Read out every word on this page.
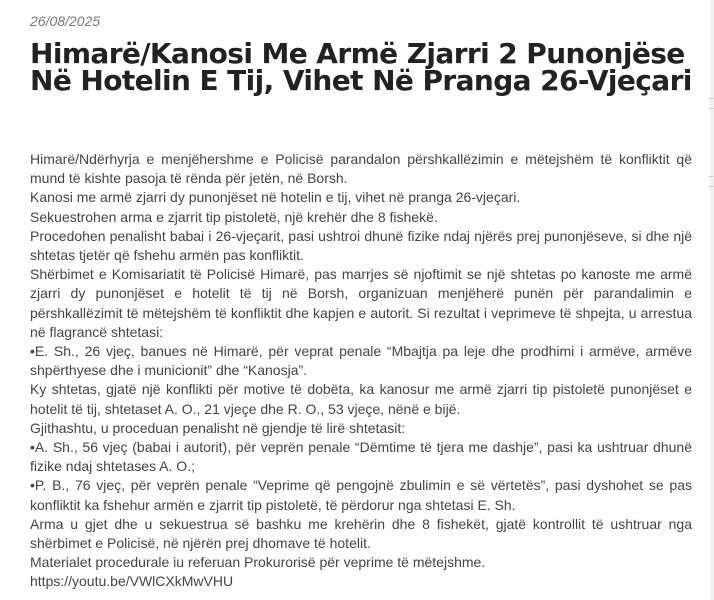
26/08/2025
Himarë/Kanosi Me Armë Zjarri 2 Punonjëse Në Hotelin E Tij, Vihet Në Pranga 26-Vjeçari

Himarë/Ndërhyrja e menjëhershme e Policisë parandalon përshkallëzimin e mëtejshëm të konfliktit që mund të kishte pasoja të rënda për jetën, në Borsh.

Kanosi me armë zjarri dy punonjëset në hotelin e tij, vihet në pranga 26-vjeçari.

Sekuestrohen arma e zjarrit tip pistoletë, një krehër dhe 8 fishekë.

Procedohen penalisht babai i 26-vjeçarit, pasi ushtroi dhunë fizike ndaj njërës prej punonjëseve, si dhe një shtetas tjetër që fshehu armën pas konfliktit.

Shërbimet e Komisariatit të Policisë Himarë, pas marrjes së njoftimit se një shtetas po kanoste me armë zjarri dy punonjëset e hotelit të tij në Borsh, organizuan menjëherë punën për parandalimin e përshkallëzimit të mëtejshëm të konfliktit dhe kapjen e autorit. Si rezultat i veprimeve të shpejta, u arrestua në flagrancë shtetasi:

•E. Sh., 26 vjeç, banues në Himarë, për veprat penale “Mbajtja pa leje dhe prodhimi i armëve, armëve shpërthyese dhe i municionit” dhe “Kanosja”.

Ky shtetas, gjatë një konflikti për motive të dobëta, ka kanosur me armë zjarri tip pistoletë punonjëset e hotelit të tij, shtetaset A. O., 21 vjeçe dhe R. O., 53 vjeçe, nënë e bijë.

Gjithashtu, u proceduan penalisht në gjendje të lirë shtetasit:

•A. Sh., 56 vjeç (babai i autorit), për veprën penale “Dëmtime të tjera me dashje”, pasi ka ushtruar dhunë fizike ndaj shtetases A. O.;

•P. B., 76 vjeç, për veprën penale “Veprime që pengojnë zbulimin e së vërtetës”, pasi dyshohet se pas konfliktit ka fshehur armën e zjarrit tip pistoletë, të përdorur nga shtetasi E. Sh.

Arma u gjet dhe u sekuestrua së bashku me krehërin dhe 8 fishekët, gjatë kontrollit të ushtruar nga shërbimet e Policisë, në njërën prej dhomave të hotelit.

Materialet procedurale iu referuan Prokurorisë për veprime të mëtejshme.

https://youtu.be/VWlCXkMwVHU
